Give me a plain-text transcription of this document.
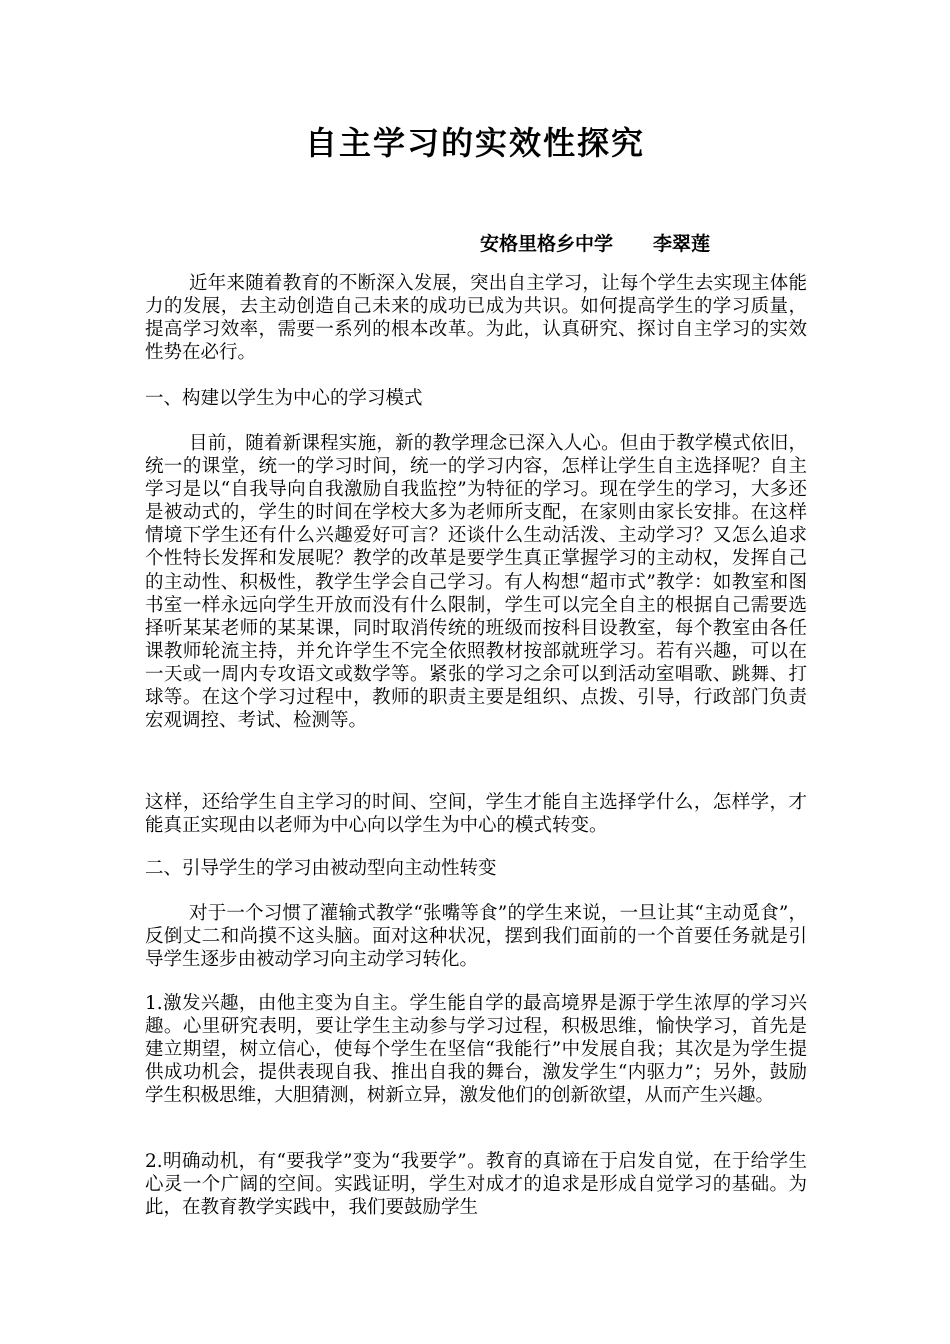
自主学习的实效性探究

安格里格乡中学 李翠莲

近年来随着教育的不断深入发展，突出自主学习，让每个学生去实现主体能力的发展，去主动创造自己未来的成功已成为共识。如何提高学生的学习质量，提高学习效率，需要一系列的根本改革。为此，认真研究、探讨自主学习的实效性势在必行。

一、构建以学生为中心的学习模式

目前，随着新课程实施，新的教学理念已深入人心。但由于教学模式依旧，统一的课堂，统一的学习时间，统一的学习内容，怎样让学生自主选择呢？自主学习是以“自我导向自我激励自我监控”为特征的学习。现在学生的学习，大多还是被动式的，学生的时间在学校大多为老师所支配，在家则由家长安排。在这样情境下学生还有什么兴趣爱好可言？还谈什么生动活泼、主动学习？又怎么追求个性特长发挥和发展呢？教学的改革是要学生真正掌握学习的主动权，发挥自己的主动性、积极性，教学生学会自己学习。有人构想“超市式”教学：如教室和图书室一样永远向学生开放而没有什么限制，学生可以完全自主的根据自己需要选择听某某老师的某某课，同时取消传统的班级而按科目设教室，每个教室由各任课教师轮流主持，并允许学生不完全依照教材按部就班学习。若有兴趣，可以在一天或一周内专攻语文或数学等。紧张的学习之余可以到活动室唱歌、跳舞、打球等。在这个学习过程中，教师的职责主要是组织、点拨、引导，行政部门负责宏观调控、考试、检测等。

这样，还给学生自主学习的时间、空间，学生才能自主选择学什么，怎样学，才能真正实现由以老师为中心向以学生为中心的模式转变。

二、引导学生的学习由被动型向主动性转变

对于一个习惯了灌输式教学“张嘴等食”的学生来说，一旦让其“主动觅食”，反倒丈二和尚摸不这头脑。面对这种状况，摆到我们面前的一个首要任务就是引导学生逐步由被动学习向主动学习转化。

1.激发兴趣，由他主变为自主。学生能自学的最高境界是源于学生浓厚的学习兴趣。心里研究表明，要让学生主动参与学习过程，积极思维，愉快学习，首先是建立期望，树立信心，使每个学生在坚信“我能行”中发展自我；其次是为学生提供成功机会，提供表现自我、推出自我的舞台，激发学生“内驱力”；另外，鼓励学生积极思维，大胆猜测，树新立异，激发他们的创新欲望，从而产生兴趣。

2.明确动机，有“要我学”变为“我要学”。教育的真谛在于启发自觉，在于给学生心灵一个广阔的空间。实践证明，学生对成才的追求是形成自觉学习的基础。为此，在教育教学实践中，我们要鼓励学生
